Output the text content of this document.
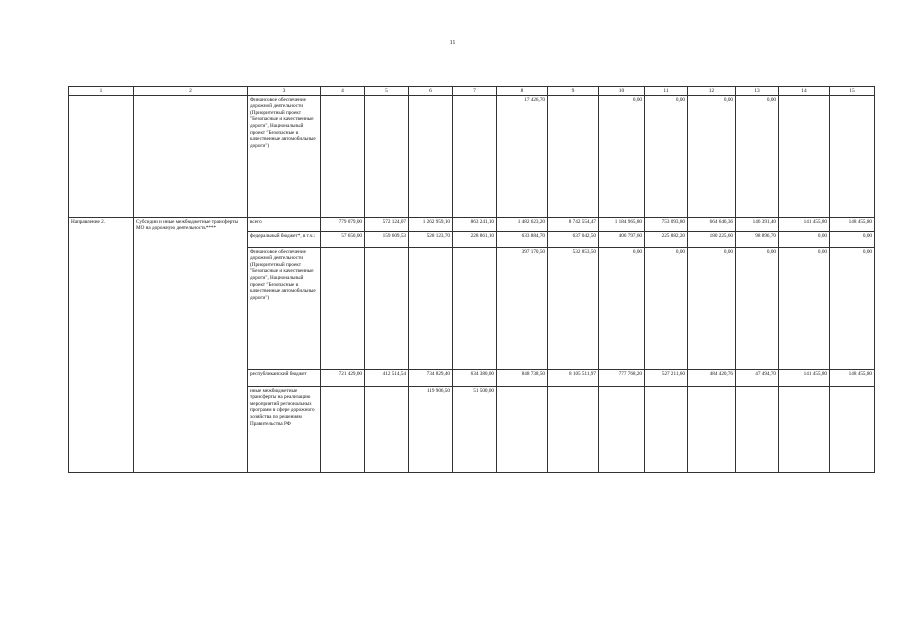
11
1	2	3	4	5	6	7	8	9	10	11	12	13	14	15
		Финансовое обеспечение дорожной деятельности (Приоритетный проект "Безопасные и качественные дороги", Национальный проект "Безопасные и качественные автомобильные дороги")					17 426,70		0,00	0,00	0,00	0,00		
Направление 2.	Субсидии и иные межбюджетные трансферты МО на дорожную деятельность****	всего	779 079,00	572 124,07	1 262 959,10	863 241,10	1 482 623,20	8 742 554,47	1 184 965,80	753 093,80	664 646,36	146 391,40	141 455,80	148 455,80
		федеральный бюджет*, в т.ч.:	57 650,00	159 609,53	528 123,70	228 861,10	633 884,70	637 042,50	406 797,60	225 882,20	180 225,60	98 896,70	0,00	0,00
		Финансовое обеспечение дорожной деятельности (Приоритетный проект "Безопасные и качественные дороги", Национальный проект "Безопасные и качественные автомобильные дороги")					397 170,50	532 853,50	0,00	0,00	0,00	0,00	0,00	0,00
		республиканский бюджет	721 429,00	412 514,54	734 829,40	634 380,00	848 738,50	8 105 511,97	777 768,20	527 211,60	484 420,76	47 494,70	141 455,80	148 455,80
		иные межбюджетные трансферты на реализацию мероприятий региональных программ в сфере дорожного хозяйства по решениям Правительства РФ			119 906,50	51 500,00								
